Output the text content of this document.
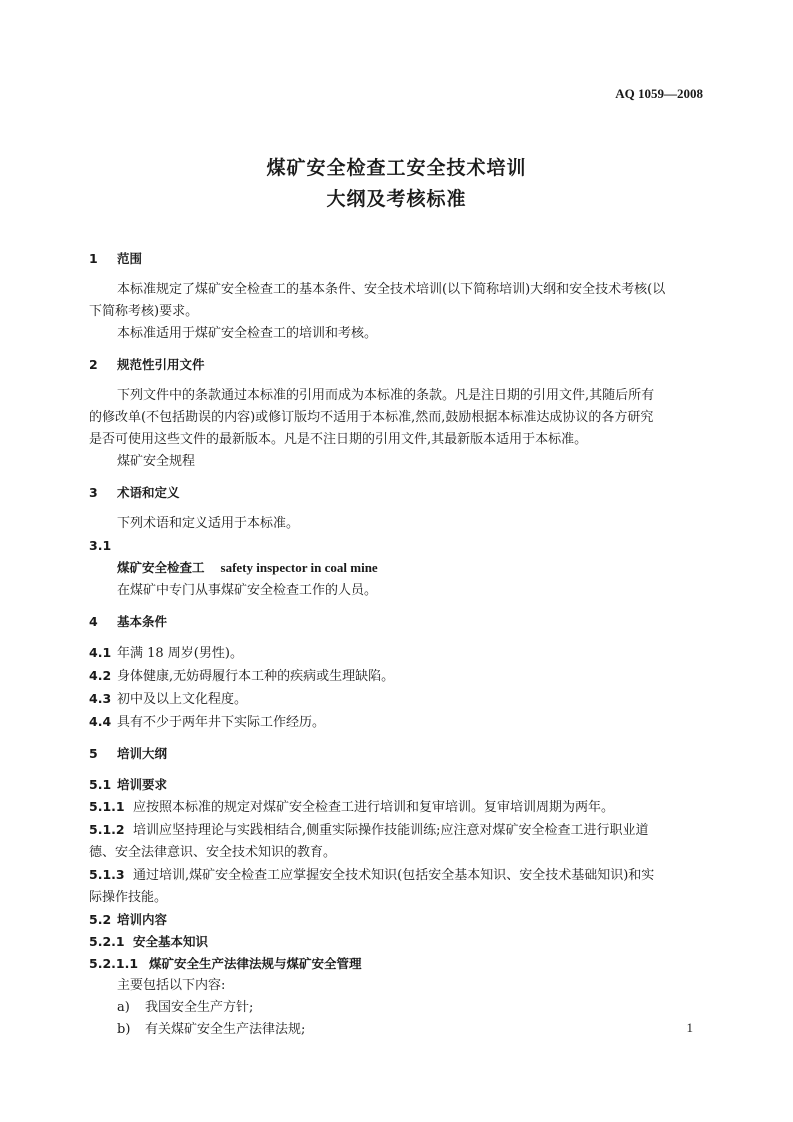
AQ 1059—2008
煤矿安全检查工安全技术培训
大纲及考核标准
1 范围
本标准规定了煤矿安全检查工的基本条件、安全技术培训(以下简称培训)大纲和安全技术考核(以
下简称考核)要求。
本标准适用于煤矿安全检查工的培训和考核。
2 规范性引用文件
下列文件中的条款通过本标准的引用而成为本标准的条款。凡是注日期的引用文件,其随后所有
的修改单(不包括勘误的内容)或修订版均不适用于本标准,然而,鼓励根据本标准达成协议的各方研究
是否可使用这些文件的最新版本。凡是不注日期的引用文件,其最新版本适用于本标准。
煤矿安全规程
3 术语和定义
下列术语和定义适用于本标准。
3.1
煤矿安全检查工 safety inspector in coal mine
在煤矿中专门从事煤矿安全检查工作的人员。
4 基本条件
4.1 年满 18 周岁(男性)。
4.2 身体健康,无妨碍履行本工种的疾病或生理缺陷。
4.3 初中及以上文化程度。
4.4 具有不少于两年井下实际工作经历。
5 培训大纲
5.1 培训要求
5.1.1 应按照本标准的规定对煤矿安全检查工进行培训和复审培训。复审培训周期为两年。
5.1.2 培训应坚持理论与实践相结合,侧重实际操作技能训练;应注意对煤矿安全检查工进行职业道
德、安全法律意识、安全技术知识的教育。
5.1.3 通过培训,煤矿安全检查工应掌握安全技术知识(包括安全基本知识、安全技术基础知识)和实
际操作技能。
5.2 培训内容
5.2.1 安全基本知识
5.2.1.1 煤矿安全生产法律法规与煤矿安全管理
主要包括以下内容:
a) 我国安全生产方针;
b) 有关煤矿安全生产法律法规;	1
